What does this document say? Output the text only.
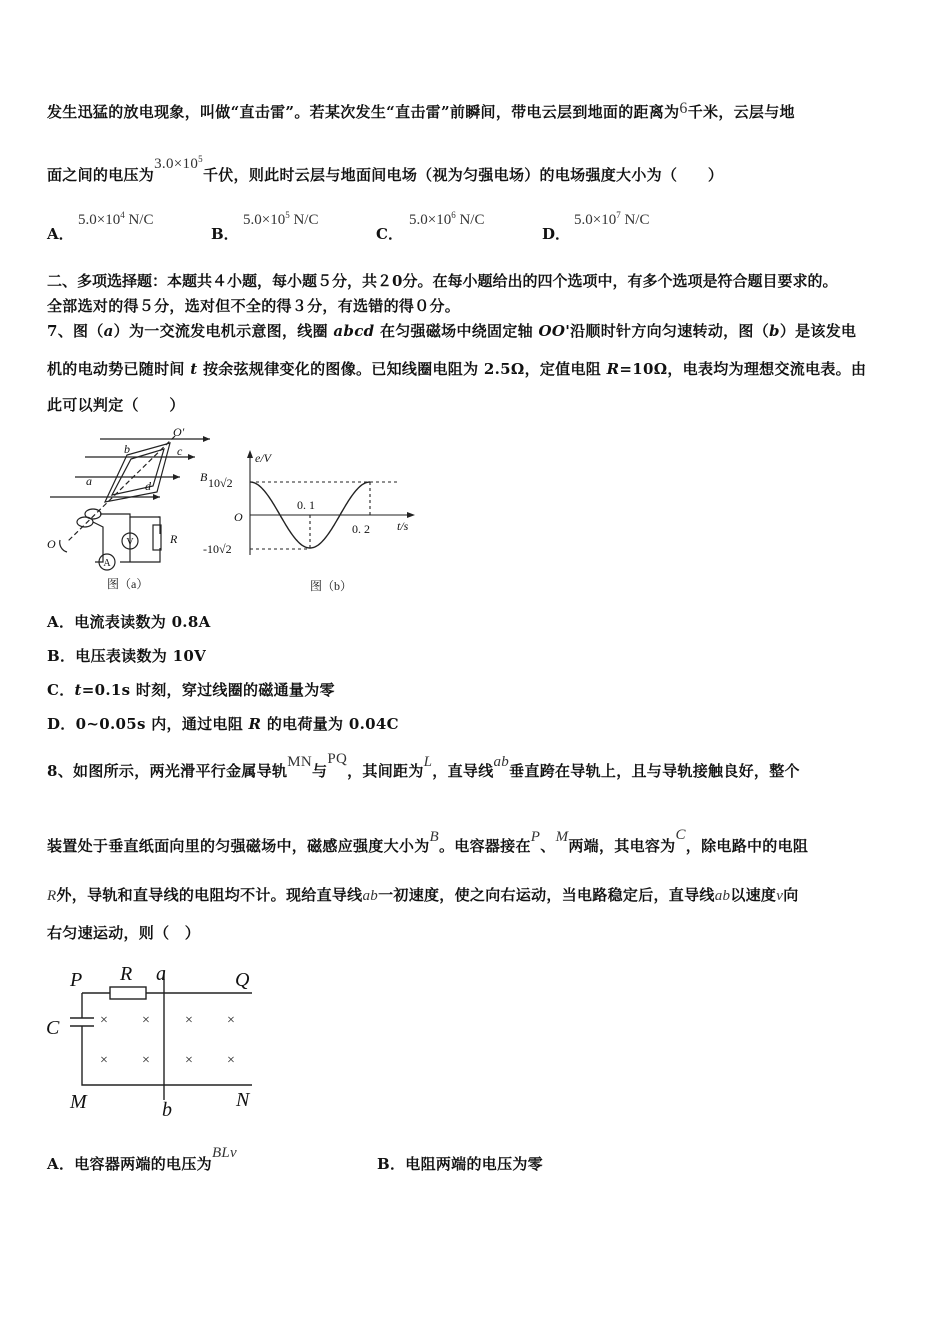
发生迅猛的放电现象，叫做“直击雷”。若某次发生“直击雷”前瞬间，带电云层到地面的距离为6千米，云层与地
面之间的电压为$3.0\times 10^5$千伏，则此时云层与地面间电场（视为匀强电场）的电场强度大小为（　　）
A．
$5.0\times 10^4$ N/C
B．
$5.0\times 10^5$ N/C
C．
$5.0\times 10^6$ N/C
D．
$5.0\times 10^7$ N/C
二、多项选择题：本题共４小题，每小题５分，共２0分。在每小题给出的四个选项中，有多个选项是符合题目要求的。
全部选对的得５分，选对但不全的得３分，有选错的得０分。
7、图（a）为一交流发电机示意图，线圈 abcd 在匀强磁场中绕固定轴 OO'沿顺时针方向匀速转动，图（b）是该发电
机的电动势已随时间 t 按余弦规律变化的图像。已知线圈电阻为 2.5Ω，定值电阻 R=10Ω，电表均为理想交流电表。由
此可以判定（　　）
O′
b	c
B
a	d
O	R
V
A
图（a）
e/V
10√2
O
-10√2
0. 1
0. 2 t/s
图（b）
A．电流表读数为 0.8A
B．电压表读数为 10V
C．t=0.1s 时刻，穿过线圈的磁通量为零
D．0~0.05s 内，通过电阻 R 的电荷量为 0.04C
8、如图所示，两光滑平行金属导轨MN与PQ，其间距为L，直导线ab垂直跨在导轨上，且与导轨接触良好，整个
装置处于垂直纸面向里的匀强磁场中，磁感应强度大小为B。电容器接在P、M两端，其电容为C，除电路中的电阻
R外，导轨和直导线的电阻均不计。现给直导线ab一初速度，使之向右运动，当电路稳定后，直导线ab以速度v向
右匀速运动，则（　）
P R a	Q
C
M	b	N
× ×	× ×
× ×	× ×
A．电容器两端的电压为BLv
B．电阻两端的电压为零
